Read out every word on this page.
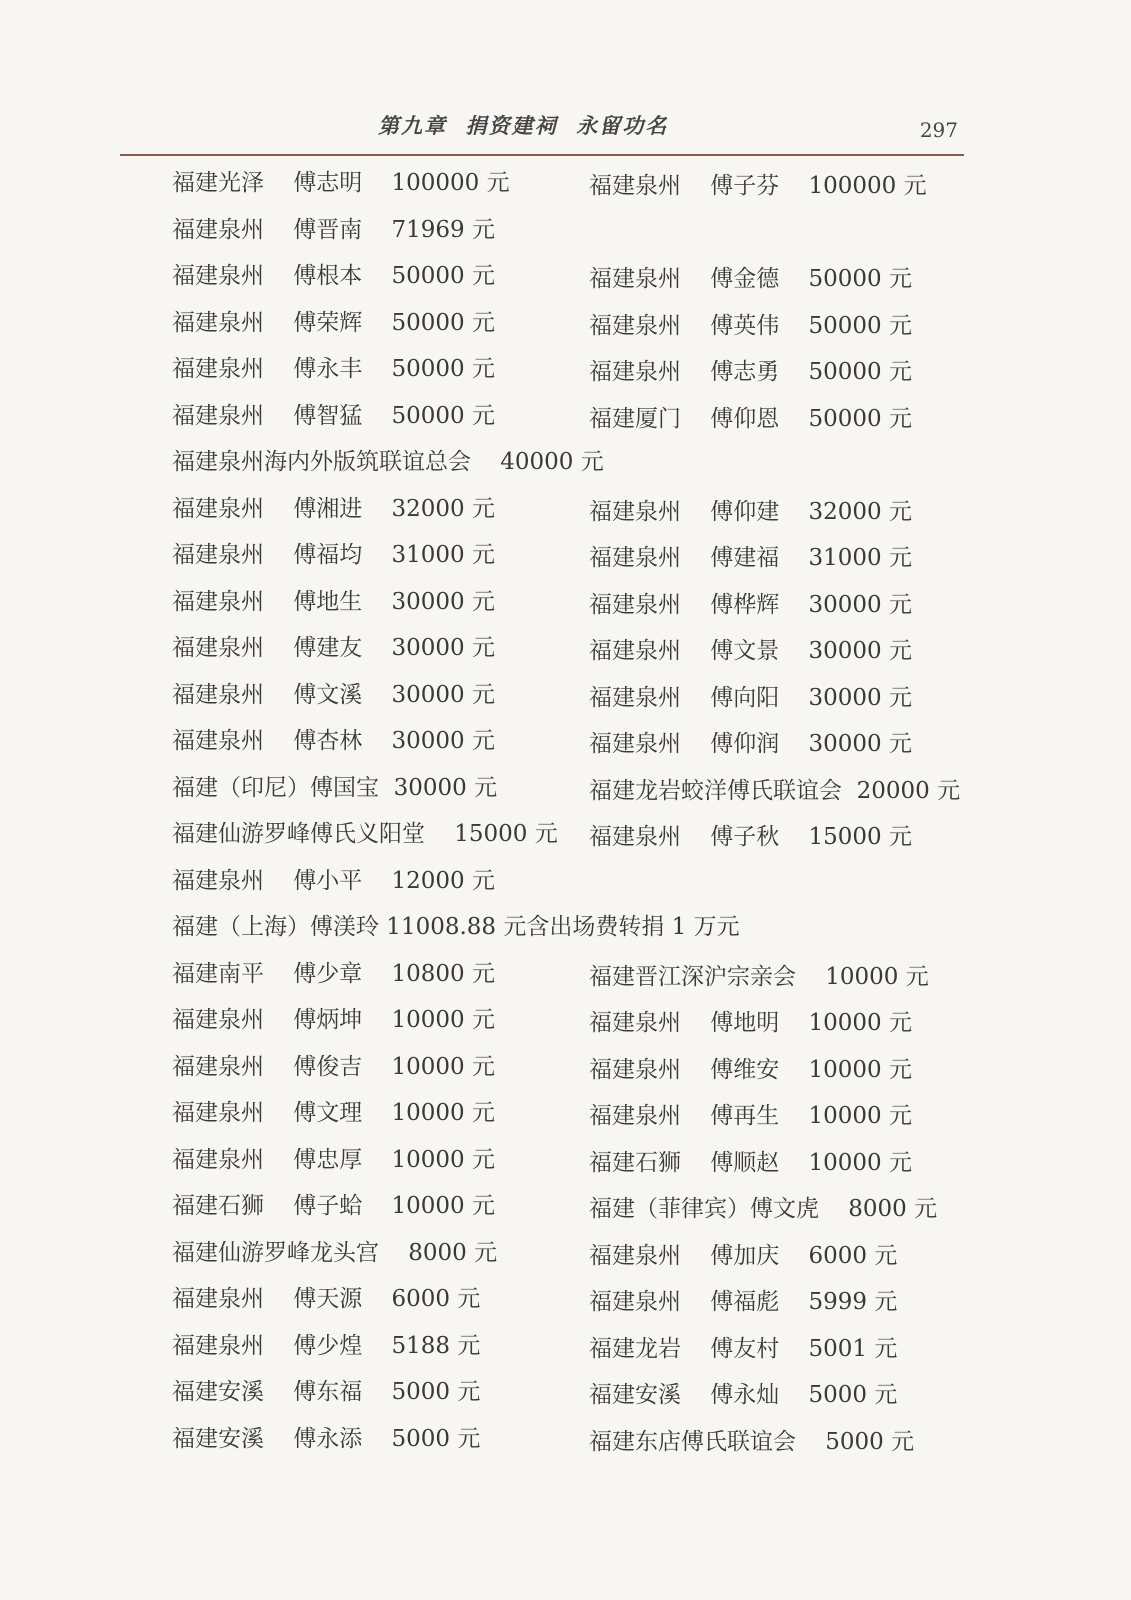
第九章  捐资建祠  永留功名	297
福建光泽    傅志明    100000 元	福建泉州    傅子芬    100000 元
福建泉州    傅晋南    71969 元
福建泉州    傅根本    50000 元	福建泉州    傅金德    50000 元
福建泉州    傅荣辉    50000 元	福建泉州    傅英伟    50000 元
福建泉州    傅永丰    50000 元	福建泉州    傅志勇    50000 元
福建泉州    傅智猛    50000 元	福建厦门    傅仰恩    50000 元
福建泉州海内外版筑联谊总会    40000 元
福建泉州    傅湘进    32000 元	福建泉州    傅仰建    32000 元
福建泉州    傅福均    31000 元	福建泉州    傅建福    31000 元
福建泉州    傅地生    30000 元	福建泉州    傅桦辉    30000 元
福建泉州    傅建友    30000 元	福建泉州    傅文景    30000 元
福建泉州    傅文溪    30000 元	福建泉州    傅向阳    30000 元
福建泉州    傅杏林    30000 元	福建泉州    傅仰润    30000 元
福建（印尼）傅国宝  30000 元	福建龙岩蛟洋傅氏联谊会  20000 元
福建仙游罗峰傅氏义阳堂    15000 元 福建泉州    傅子秋    15000 元
福建泉州    傅小平    12000 元
福建（上海）傅渼玲 11008.88 元含出场费转捐 1 万元
福建南平    傅少章    10800 元	福建晋江深沪宗亲会    10000 元
福建泉州    傅炳坤    10000 元	福建泉州    傅地明    10000 元
福建泉州    傅俊吉    10000 元	福建泉州    傅维安    10000 元
福建泉州    傅文理    10000 元	福建泉州    傅再生    10000 元
福建泉州    傅忠厚    10000 元	福建石狮    傅顺赵    10000 元
福建石狮    傅子蛤    10000 元	福建（菲律宾）傅文虎    8000 元
福建仙游罗峰龙头宫    8000 元	福建泉州    傅加庆    6000 元
福建泉州    傅天源    6000 元	福建泉州    傅福彪    5999 元
福建泉州    傅少煌    5188 元	福建龙岩    傅友村    5001 元
福建安溪    傅东福    5000 元	福建安溪    傅永灿    5000 元
福建安溪    傅永添    5000 元	福建东店傅氏联谊会    5000 元
